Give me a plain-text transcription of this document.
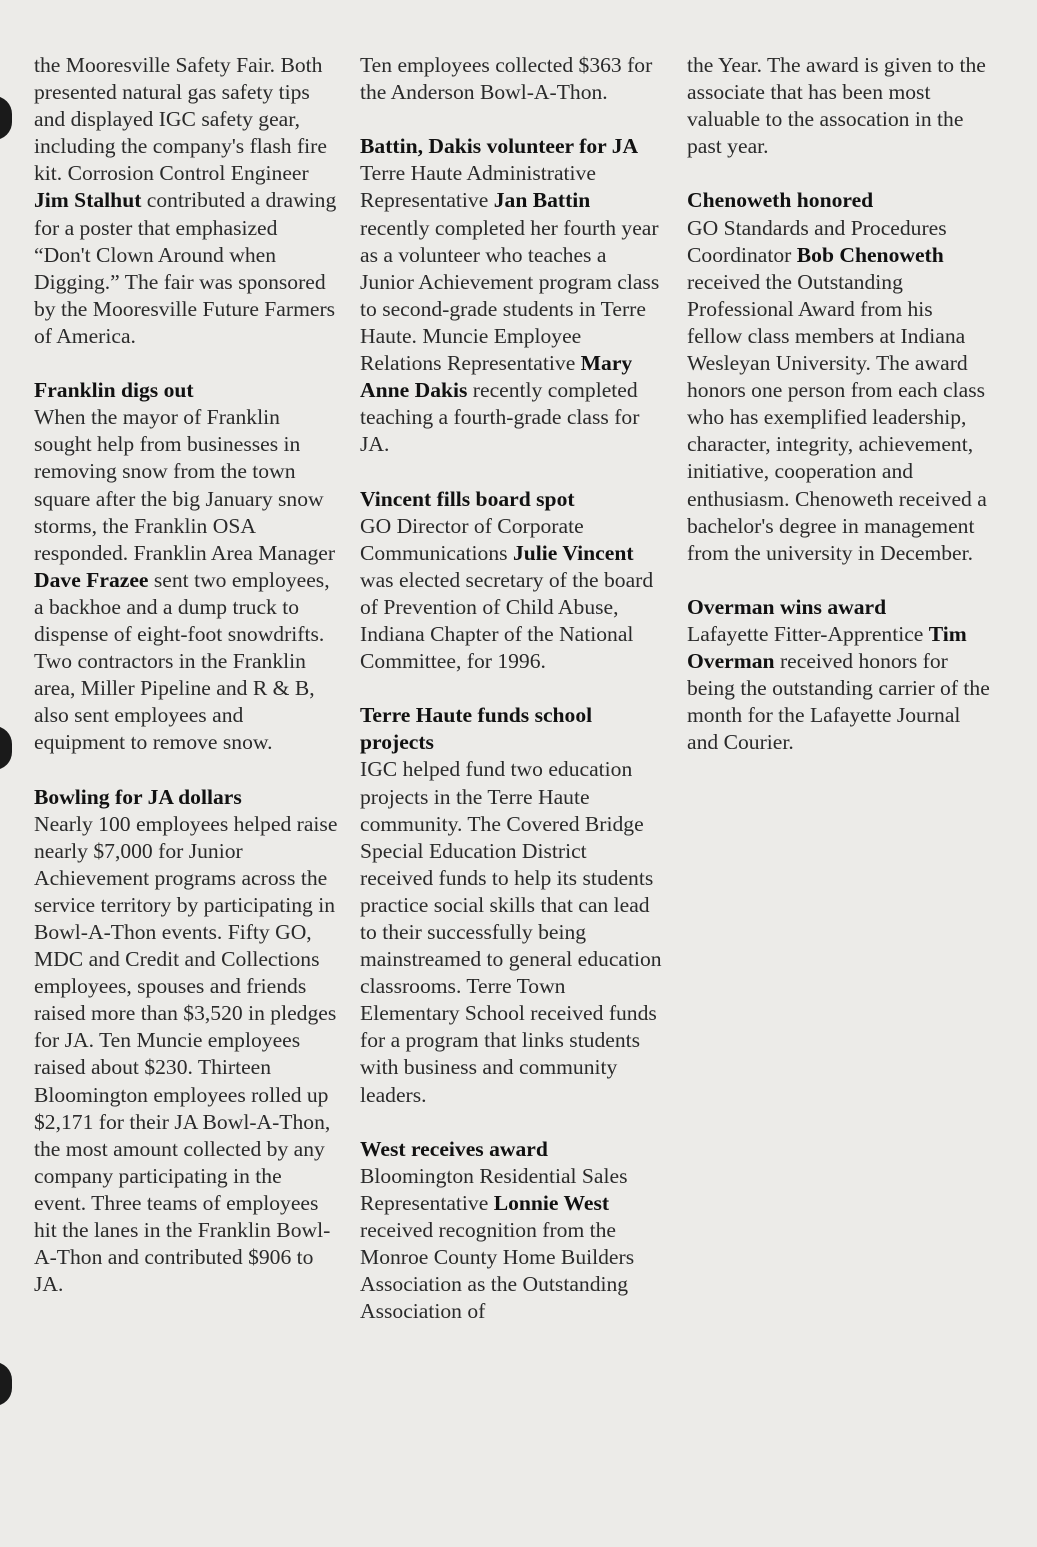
the Mooresville Safety Fair. Both presented natural gas safety tips and displayed IGC safety gear, including the company's flash fire kit. Corrosion Control Engineer Jim Stalhut contributed a drawing for a poster that emphasized “Don't Clown Around when Digging.” The fair was sponsored by the Mooresville Future Farmers of America.

Franklin digs out

When the mayor of Franklin sought help from businesses in removing snow from the town square after the big January snow storms, the Franklin OSA responded. Franklin Area Manager Dave Frazee sent two employees, a backhoe and a dump truck to dispense of eight-foot snowdrifts. Two contractors in the Franklin area, Miller Pipeline and R & B, also sent employees and equipment to remove snow.

Bowling for JA dollars

Nearly 100 employees helped raise nearly $7,000 for Junior Achievement programs across the service territory by participating in Bowl-A-Thon events. Fifty GO, MDC and Credit and Collections employees, spouses and friends raised more than $3,520 in pledges for JA. Ten Muncie employees raised about $230. Thirteen Bloomington employees rolled up $2,171 for their JA Bowl-A-Thon, the most amount collected by any company participating in the event. Three teams of employees hit the lanes in the Franklin Bowl-A-Thon and contributed $906 to JA.

Ten employees collected $363 for the Anderson Bowl-A-Thon.

Battin, Dakis volunteer for JA

Terre Haute Administrative Representative Jan Battin recently completed her fourth year as a volunteer who teaches a Junior Achievement program class to second-grade students in Terre Haute. Muncie Employee Relations Representative Mary Anne Dakis recently completed teaching a fourth-grade class for JA.

Vincent fills board spot

GO Director of Corporate Communications Julie Vincent was elected secretary of the board of Prevention of Child Abuse, Indiana Chapter of the National Committee, for 1996.

Terre Haute funds school projects

IGC helped fund two education projects in the Terre Haute community. The Covered Bridge Special Education District received funds to help its students practice social skills that can lead to their successfully being mainstreamed to general education classrooms. Terre Town Elementary School received funds for a program that links students with business and community leaders.

West receives award

Bloomington Residential Sales Representative Lonnie West received recognition from the Monroe County Home Builders Association as the Outstanding Association of

the Year. The award is given to the associate that has been most valuable to the assocation in the past year.

Chenoweth honored

GO Standards and Procedures Coordinator Bob Chenoweth received the Outstanding Professional Award from his fellow class members at Indiana Wesleyan University. The award honors one person from each class who has exemplified leadership, character, integrity, achievement, initiative, cooperation and enthusiasm. Chenoweth received a bachelor's degree in management from the university in December.

Overman wins award

Lafayette Fitter-Apprentice Tim Overman received honors for being the outstanding carrier of the month for the Lafayette Journal and Courier.
